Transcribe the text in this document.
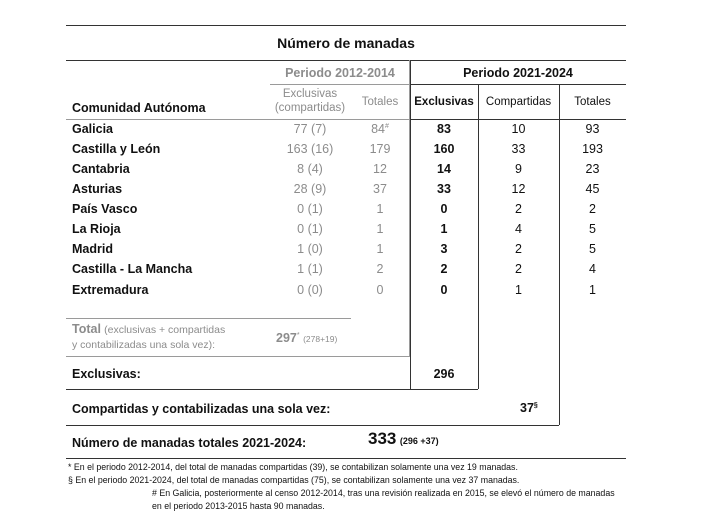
Número de manadas
Periodo 2012-2014	Periodo 2021-2024
Comunidad Autónoma
Exclusivas
(compartidas)	Totales	Exclusivas	Compartidas	Totales
Galicia	77 (7)	84#	83	10	93
Castilla y León	163 (16)	179	160	33	193
Cantabria	8 (4)	12	14	9	23
Asturias	28 (9)	37	33	12	45
País Vasco	0 (1)	1	0	2	2
La Rioja	0 (1)	1	1	4	5
Madrid	1 (0)	1	3	2	5
Castilla - La Mancha	1 (1)	2	2	2	4
Extremadura	0 (0)	0	0	1	1
Total (exclusivas + compartidas
y contabilizadas una sola vez):	297* (278+19)
Exclusivas:	296
Compartidas y contabilizadas una sola vez:	37§
Número de manadas totales 2021-2024:	333 (296 +37)
* En el periodo 2012-2014, del total de manadas compartidas (39), se contabilizan solamente una vez 19 manadas.
§ En el periodo 2021-2024, del total de manadas compartidas (75), se contabilizan solamente una vez 37 manadas.
# En Galicia, posteriormente al censo 2012-2014, tras una revisión realizada en 2015, se elevó el número de manadas
en el periodo 2013-2015 hasta 90 manadas.
